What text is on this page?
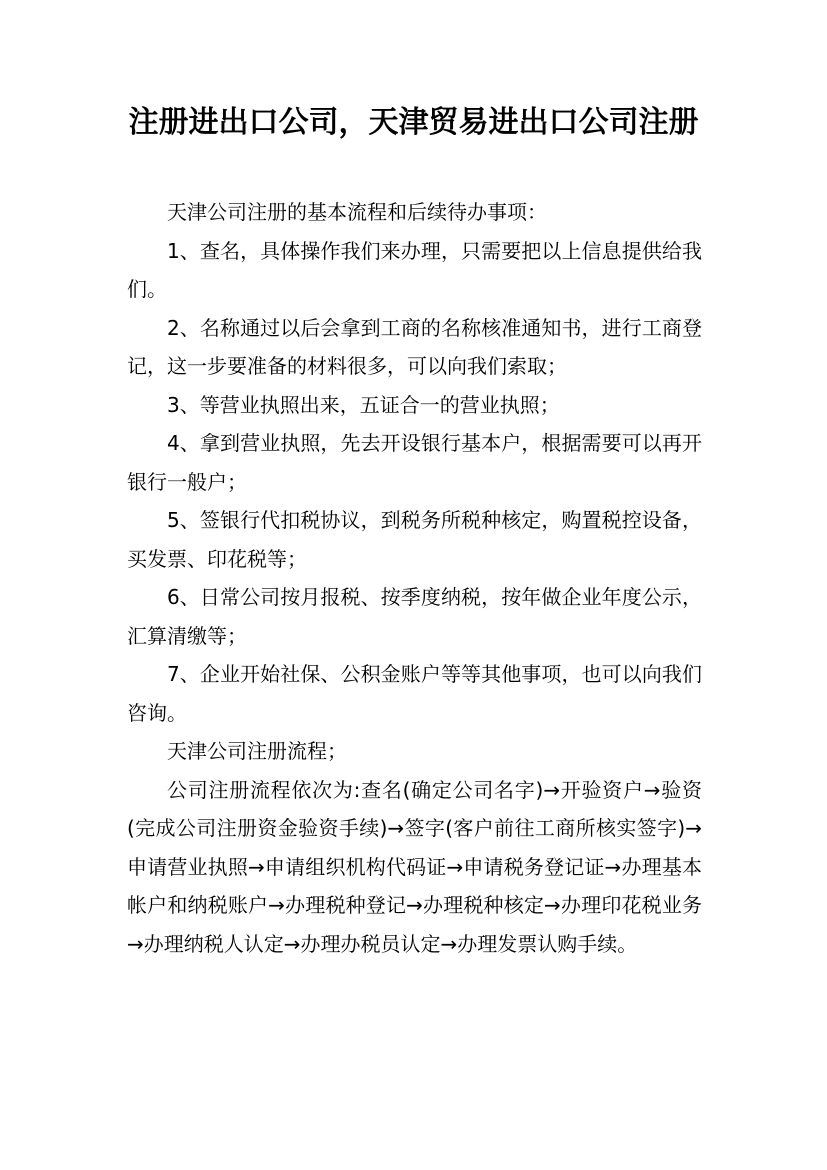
注册进出口公司，天津贸易进出口公司注册

天津公司注册的基本流程和后续待办事项：

1、查名，具体操作我们来办理，只需要把以上信息提供给我们。

2、名称通过以后会拿到工商的名称核准通知书，进行工商登记，这一步要准备的材料很多，可以向我们索取；

3、等营业执照出来，五证合一的营业执照；

4、拿到营业执照，先去开设银行基本户，根据需要可以再开银行一般户；

5、签银行代扣税协议，到税务所税种核定，购置税控设备，买发票、印花税等；

6、日常公司按月报税、按季度纳税，按年做企业年度公示，汇算清缴等；

7、企业开始社保、公积金账户等等其他事项，也可以向我们咨询。

天津公司注册流程；

公司注册流程依次为:查名(确定公司名字)→开验资户→验资(完成公司注册资金验资手续)→签字(客户前往工商所核实签字)→申请营业执照→申请组织机构代码证→申请税务登记证→办理基本帐户和纳税账户→办理税种登记→办理税种核定→办理印花税业务→办理纳税人认定→办理办税员认定→办理发票认购手续。
